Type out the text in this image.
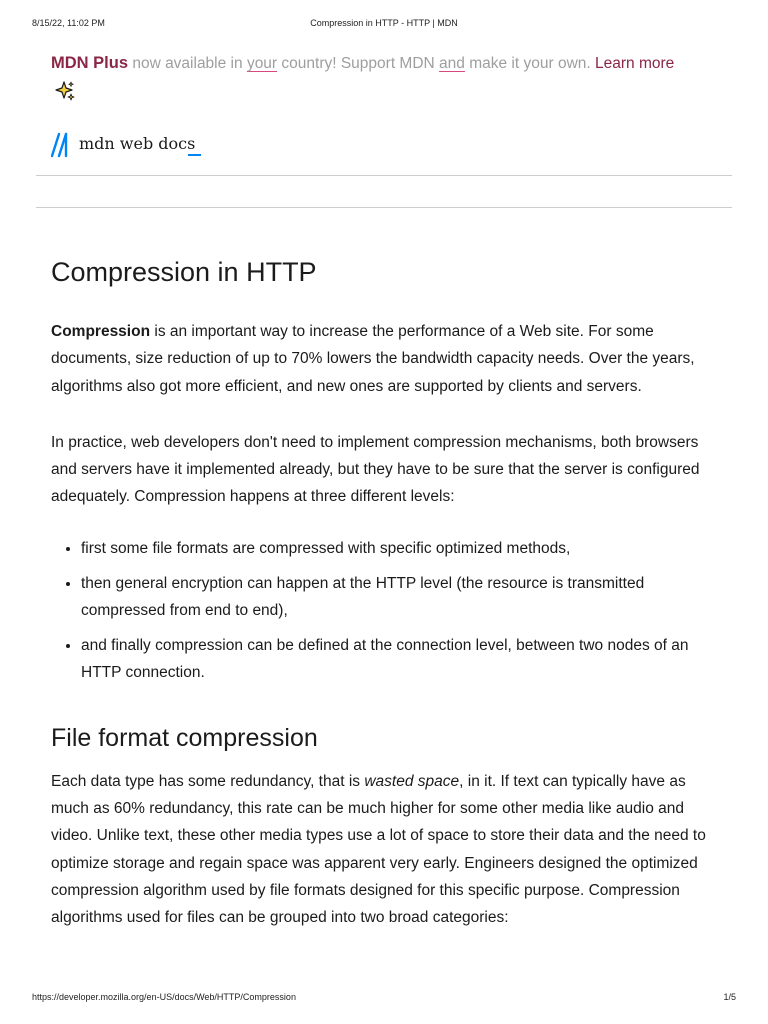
8/15/22, 11:02 PM	Compression in HTTP - HTTP | MDN
MDN Plus now available in your country! Support MDN and make it your own. Learn more
mdn web docs
Compression in HTTP

Compression is an important way to increase the performance of a Web site. For some documents, size reduction of up to 70% lowers the bandwidth capacity needs. Over the years, algorithms also got more efficient, and new ones are supported by clients and servers.

In practice, web developers don't need to implement compression mechanisms, both browsers and servers have it implemented already, but they have to be sure that the server is configured adequately. Compression happens at three different levels:

• first some file formats are compressed with specific optimized methods,
• then general encryption can happen at the HTTP level (the resource is transmitted compressed from end to end),
• and finally compression can be defined at the connection level, between two nodes of an HTTP connection.
File format compression

Each data type has some redundancy, that is wasted space, in it. If text can typically have as much as 60% redundancy, this rate can be much higher for some other media like audio and video. Unlike text, these other media types use a lot of space to store their data and the need to optimize storage and regain space was apparent very early. Engineers designed the optimized compression algorithm used by file formats designed for this specific purpose. Compression algorithms used for files can be grouped into two broad categories:

https://developer.mozilla.org/en-US/docs/Web/HTTP/Compression	1/5
